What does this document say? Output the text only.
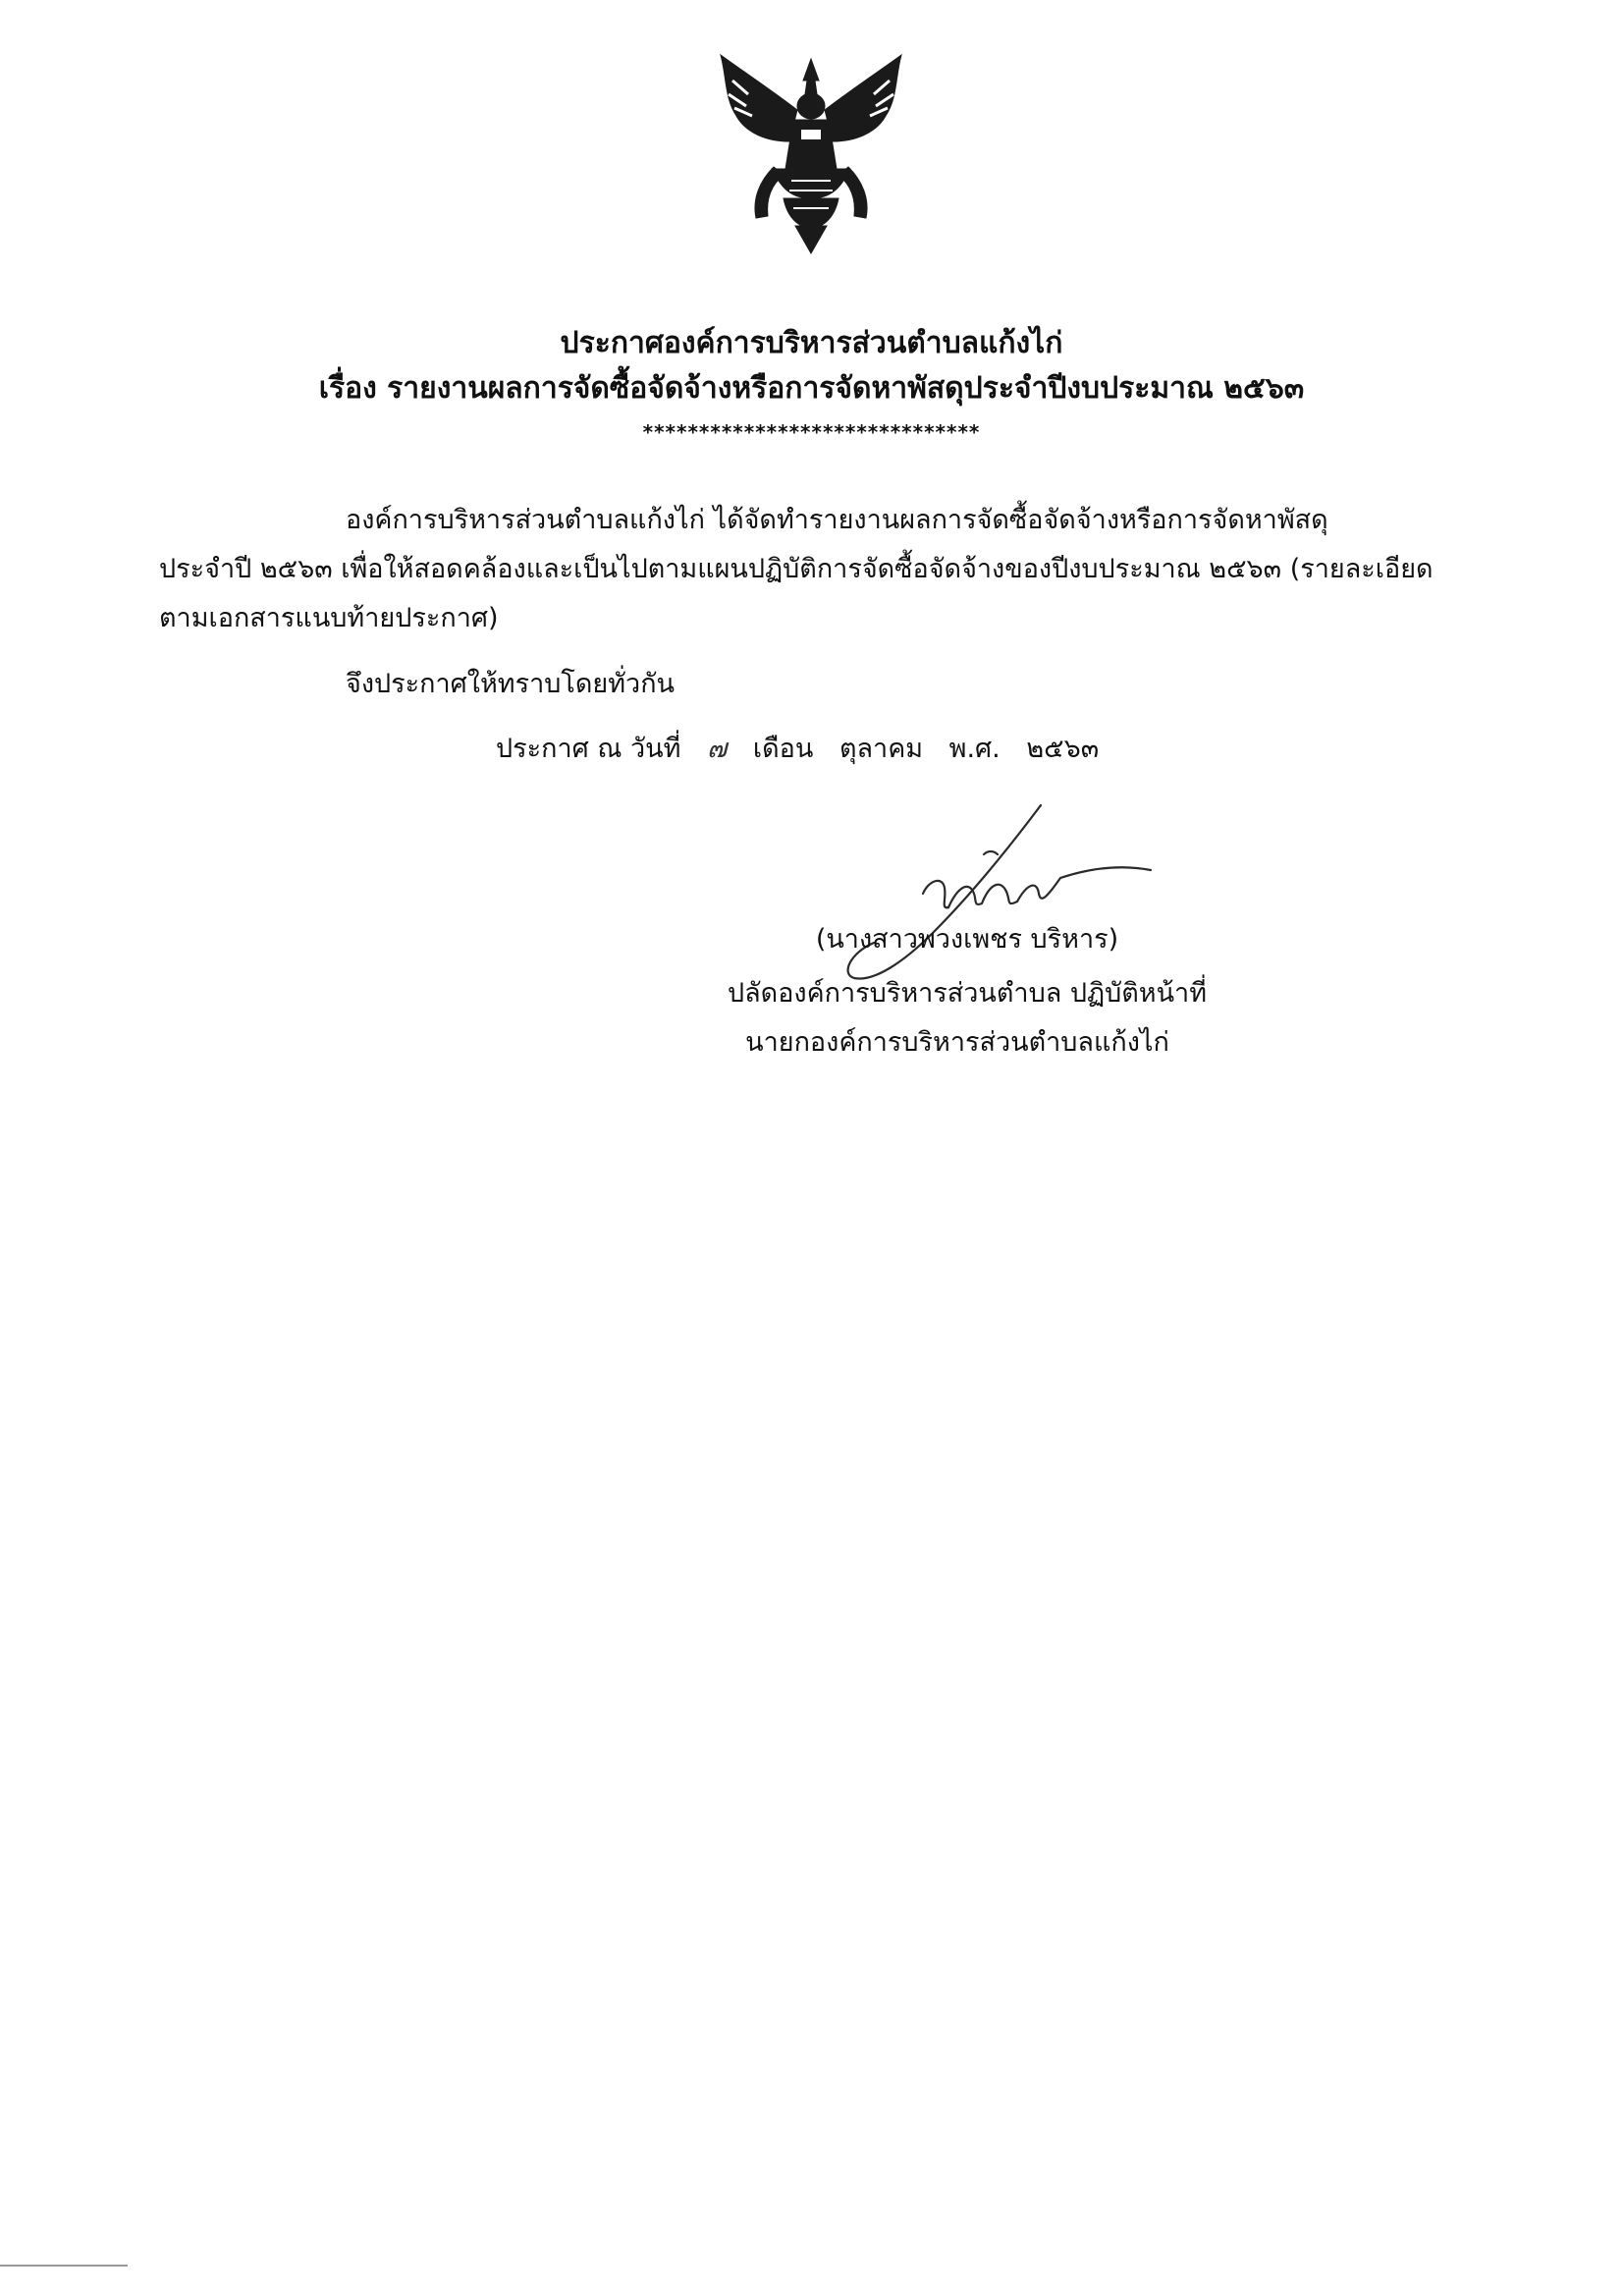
ประกาศองค์การบริหารส่วนตำบลแก้งไก่
เรื่อง รายงานผลการจัดซื้อจัดจ้างหรือการจัดหาพัสดุประจำปีงบประมาณ ๒๕๖๓
******************************
องค์การบริหารส่วนตำบลแก้งไก่ ได้จัดทำรายงานผลการจัดซื้อจัดจ้างหรือการจัดหาพัสดุ
ประจำปี ๒๕๖๓ เพื่อให้สอดคล้องและเป็นไปตามแผนปฏิบัติการจัดซื้อจัดจ้างของปีงบประมาณ ๒๕๖๓ (รายละเอียด
ตามเอกสารแนบท้ายประกาศ)
จึงประกาศให้ทราบโดยทั่วกัน
ประกาศ ณ วันที่ ๗ เดือน ตุลาคม พ.ศ. ๒๕๖๓
(นางสาวพวงเพชร บริหาร)
ปลัดองค์การบริหารส่วนตำบล ปฏิบัติหน้าที่
นายกองค์การบริหารส่วนตำบลแก้งไก่
